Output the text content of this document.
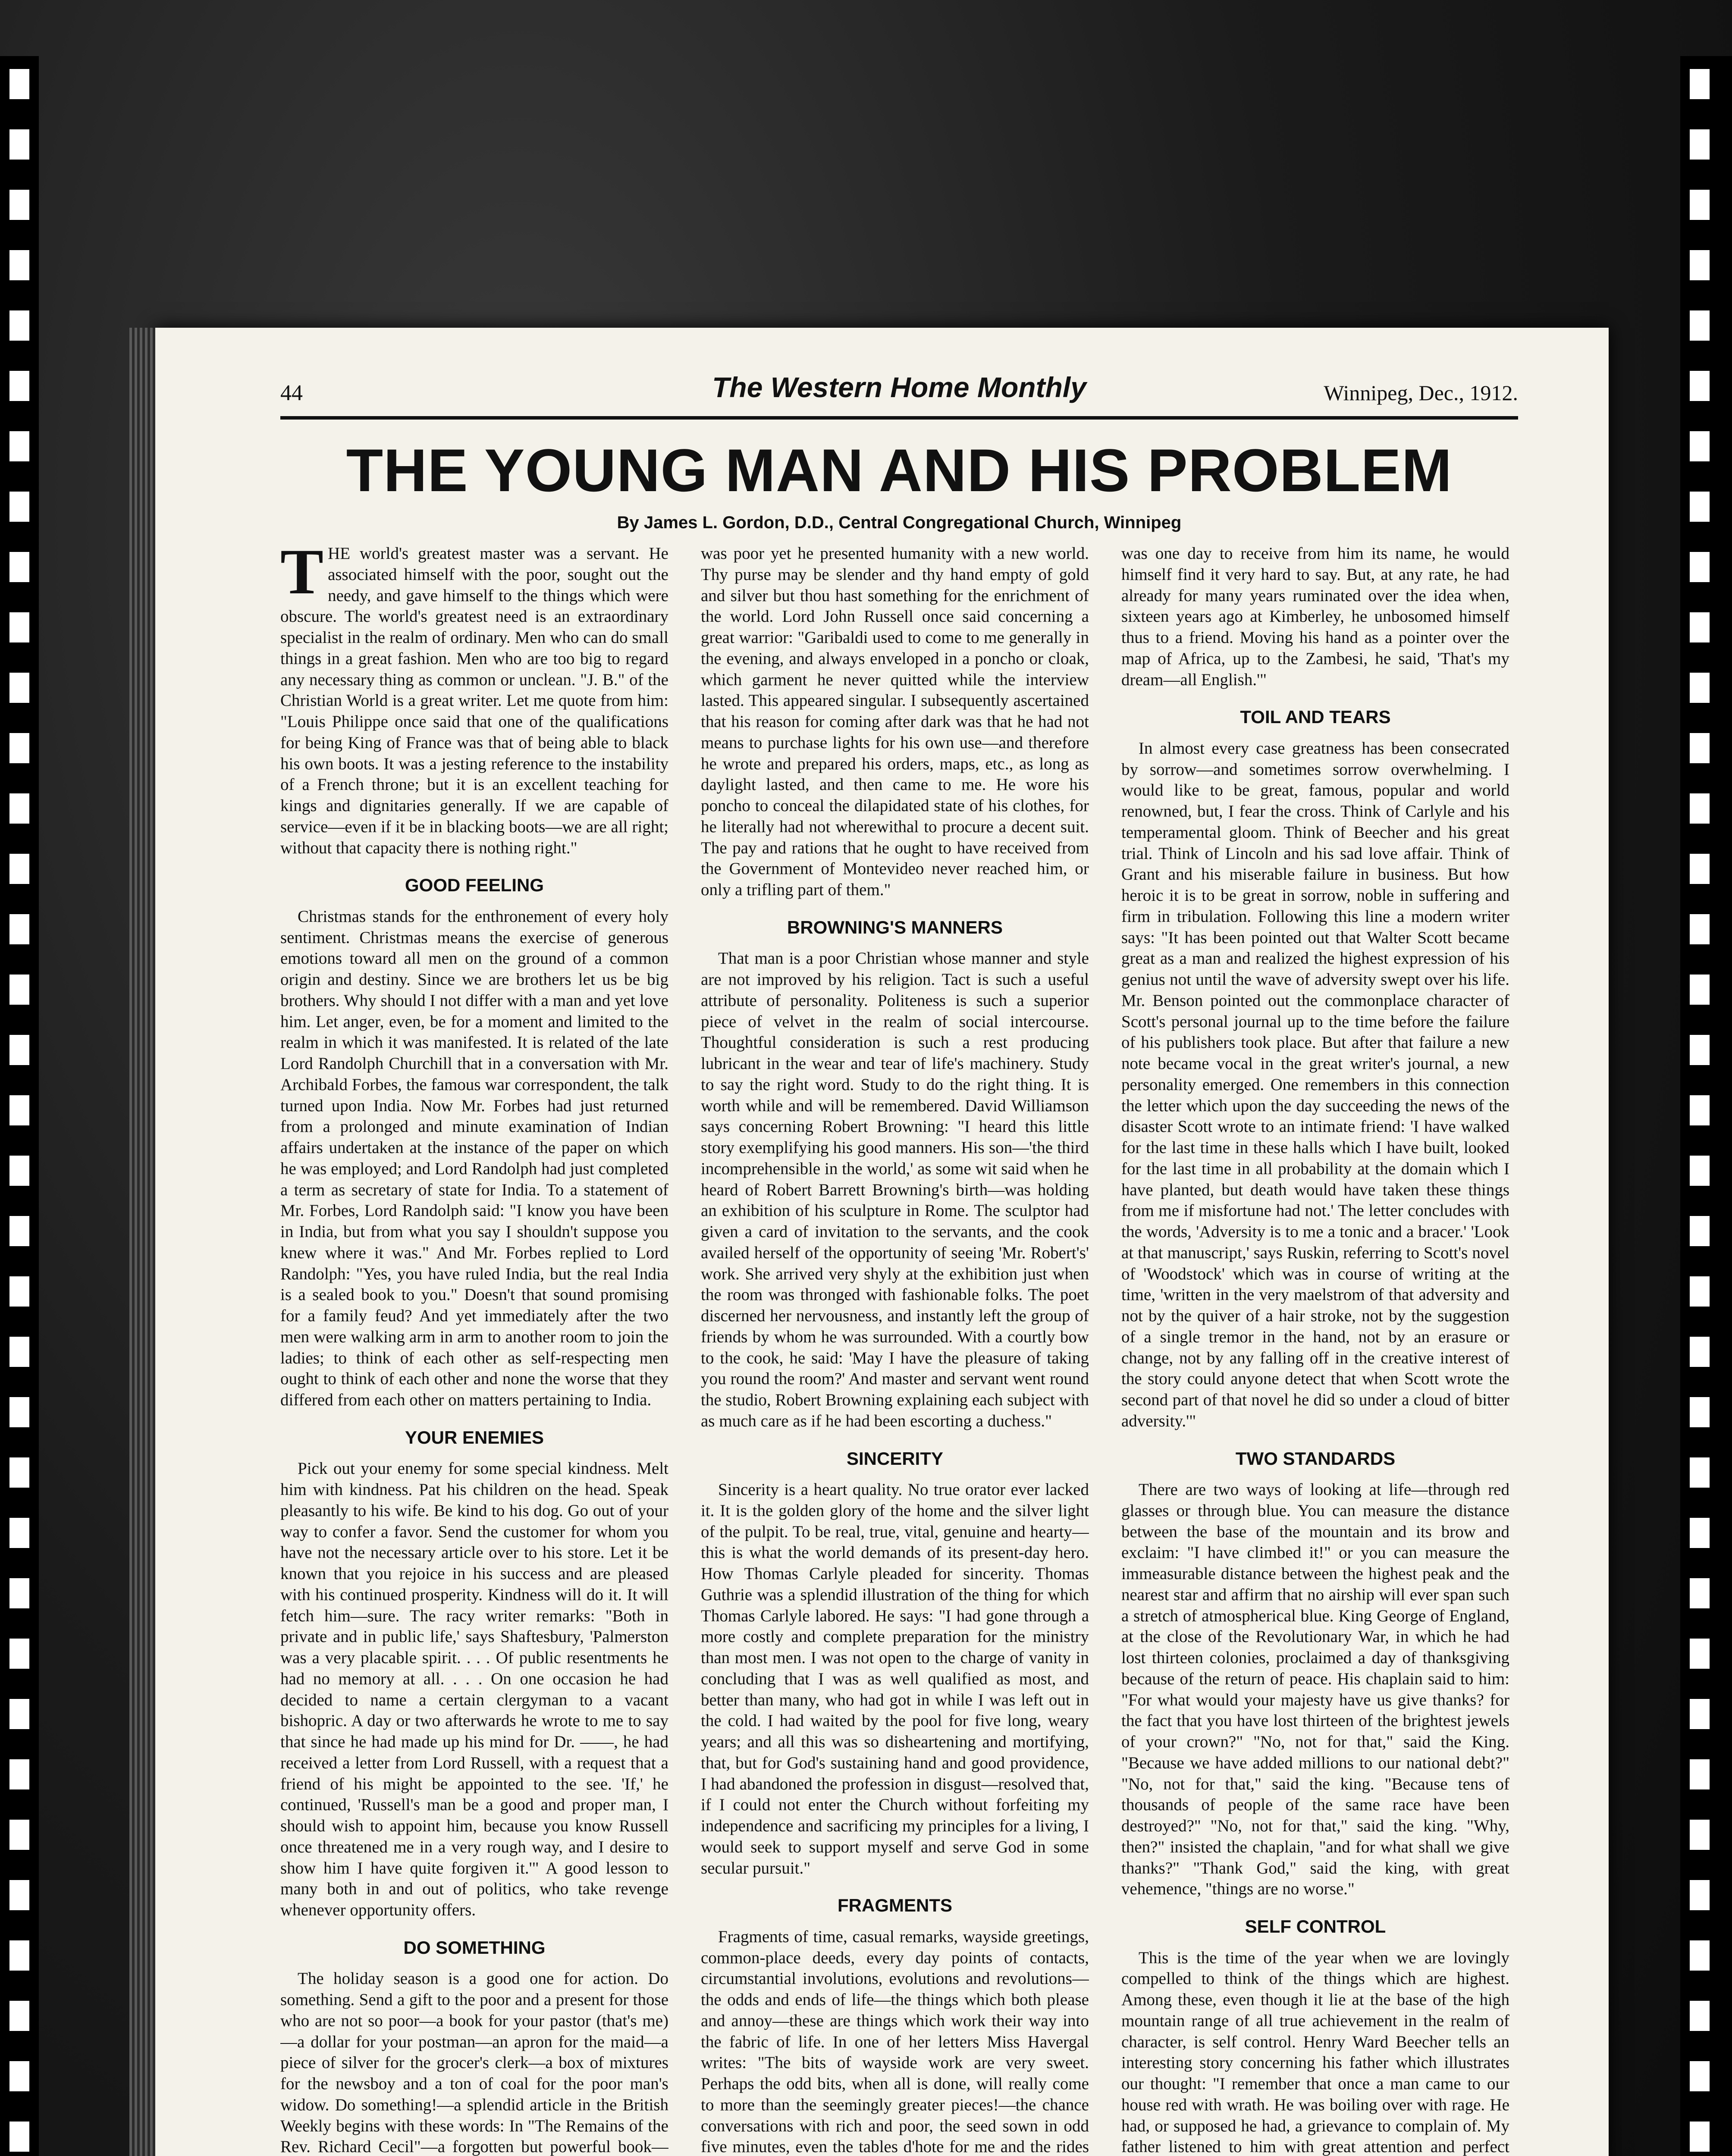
44	The Western Home Monthly	Winnipeg, Dec., 1912.
THE YOUNG MAN AND HIS PROBLEM
By James L. Gordon, D.D., Central Congregational Church, Winnipeg

THE world's greatest master was a servant. He associated himself with the poor, sought out the needy, and gave himself to the things which were obscure. The world's greatest need is an extraordinary specialist in the realm of ordinary. Men who can do small things in a great fashion. Men who are too big to regard any necessary thing as common or unclean. "J. B." of the Christian World is a great writer. Let me quote from him: "Louis Philippe once said that one of the qualifications for being King of France was that of being able to black his own boots. It was a jesting reference to the instability of a French throne; but it is an excellent teaching for kings and dignitaries generally. If we are capable of service—even if it be in blacking boots—we are all right; without that capacity there is nothing right."

GOOD FEELING

Christmas stands for the enthronement of every holy sentiment. Christmas means the exercise of generous emotions toward all men on the ground of a common origin and destiny. Since we are brothers let us be big brothers. Why should I not differ with a man and yet love him. Let anger, even, be for a moment and limited to the realm in which it was manifested. It is related of the late Lord Randolph Churchill that in a conversation with Mr. Archibald Forbes, the famous war correspondent, the talk turned upon India. Now Mr. Forbes had just returned from a prolonged and minute examination of Indian affairs undertaken at the instance of the paper on which he was employed; and Lord Randolph had just completed a term as secretary of state for India. To a statement of Mr. Forbes, Lord Randolph said: "I know you have been in India, but from what you say I shouldn't suppose you knew where it was." And Mr. Forbes replied to Lord Randolph: "Yes, you have ruled India, but the real India is a sealed book to you." Doesn't that sound promising for a family feud? And yet immediately after the two men were walking arm in arm to another room to join the ladies; to think of each other as self-respecting men ought to think of each other and none the worse that they differed from each other on matters pertaining to India.

YOUR ENEMIES

Pick out your enemy for some special kindness. Melt him with kindness. Pat his children on the head. Speak pleasantly to his wife. Be kind to his dog. Go out of your way to confer a favor. Send the customer for whom you have not the necessary article over to his store. Let it be known that you rejoice in his success and are pleased with his continued prosperity. Kindness will do it. It will fetch him—sure. The racy writer remarks: "Both in private and in public life,' says Shaftesbury, 'Palmerston was a very placable spirit. . . . Of public resentments he had no memory at all. . . . On one occasion he had decided to name a certain clergyman to a vacant bishopric. A day or two afterwards he wrote to me to say that since he had made up his mind for Dr. ——, he had received a letter from Lord Russell, with a request that a friend of his might be appointed to the see. 'If,' he continued, 'Russell's man be a good and proper man, I should wish to appoint him, because you know Russell once threatened me in a very rough way, and I desire to show him I have quite forgiven it.'" A good lesson to many both in and out of politics, who take revenge whenever opportunity offers.

DO SOMETHING

The holiday season is a good one for action. Do something. Send a gift to the poor and a present for those who are not so poor—a book for your pastor (that's me)—a dollar for your postman—an apron for the maid—a piece of silver for the grocer's clerk—a box of mixtures for the newsboy and a ton of coal for the poor man's widow. Do something!—a splendid article in the British Weekly begins with these words: In "The Remains of the Rev. Richard Cecil"—a forgotten but powerful book—

was poor yet he presented humanity with a new world. Thy purse may be slender and thy hand empty of gold and silver but thou hast something for the enrichment of the world. Lord John Russell once said concerning a great warrior: "Garibaldi used to come to me generally in the evening, and always enveloped in a poncho or cloak, which garment he never quitted while the interview lasted. This appeared singular. I subsequently ascertained that his reason for coming after dark was that he had not means to purchase lights for his own use—and therefore he wrote and prepared his orders, maps, etc., as long as daylight lasted, and then came to me. He wore his poncho to conceal the dilapidated state of his clothes, for he literally had not wherewithal to procure a decent suit. The pay and rations that he ought to have received from the Government of Montevideo never reached him, or only a trifling part of them."

BROWNING'S MANNERS

That man is a poor Christian whose manner and style are not improved by his religion. Tact is such a useful attribute of personality. Politeness is such a superior piece of velvet in the realm of social intercourse. Thoughtful consideration is such a rest producing lubricant in the wear and tear of life's machinery. Study to say the right word. Study to do the right thing. It is worth while and will be remembered. David Williamson says concerning Robert Browning: "I heard this little story exemplifying his good manners. His son—'the third incomprehensible in the world,' as some wit said when he heard of Robert Barrett Browning's birth—was holding an exhibition of his sculpture in Rome. The sculptor had given a card of invitation to the servants, and the cook availed herself of the opportunity of seeing 'Mr. Robert's' work. She arrived very shyly at the exhibition just when the room was thronged with fashionable folks. The poet discerned her nervousness, and instantly left the group of friends by whom he was surrounded. With a courtly bow to the cook, he said: 'May I have the pleasure of taking you round the room?' And master and servant went round the studio, Robert Browning explaining each subject with as much care as if he had been escorting a duchess."

SINCERITY

Sincerity is a heart quality. No true orator ever lacked it. It is the golden glory of the home and the silver light of the pulpit. To be real, true, vital, genuine and hearty—this is what the world demands of its present-day hero. How Thomas Carlyle pleaded for sincerity. Thomas Guthrie was a splendid illustration of the thing for which Thomas Carlyle labored. He says: "I had gone through a more costly and complete preparation for the ministry than most men. I was not open to the charge of vanity in concluding that I was as well qualified as most, and better than many, who had got in while I was left out in the cold. I had waited by the pool for five long, weary years; and all this was so disheartening and mortifying, that, but for God's sustaining hand and good providence, I had abandoned the profession in disgust—resolved that, if I could not enter the Church without forfeiting my independence and sacrificing my principles for a living, I would seek to support myself and serve God in some secular pursuit."

FRAGMENTS

Fragments of time, casual remarks, wayside greetings, common-place deeds, every day points of contacts, circumstantial involutions, evolutions and revolutions—the odds and ends of life—the things which both please and annoy—these are things which work their way into the fabric of life. In one of her letters Miss Havergal writes: "The bits of wayside work are very sweet. Perhaps the odd bits, when all is done, will really come to more than the seemingly greater pieces!—the chance conversations with rich and poor, the seed sown in odd five minutes, even the tables d'hote for me and the rides

was one day to receive from him its name, he would himself find it very hard to say. But, at any rate, he had already for many years ruminated over the idea when, sixteen years ago at Kimberley, he unbosomed himself thus to a friend. Moving his hand as a pointer over the map of Africa, up to the Zambesi, he said, 'That's my dream—all English.'"

TOIL AND TEARS

In almost every case greatness has been consecrated by sorrow—and sometimes sorrow overwhelming. I would like to be great, famous, popular and world renowned, but, I fear the cross. Think of Carlyle and his temperamental gloom. Think of Beecher and his great trial. Think of Lincoln and his sad love affair. Think of Grant and his miserable failure in business. But how heroic it is to be great in sorrow, noble in suffering and firm in tribulation. Following this line a modern writer says: "It has been pointed out that Walter Scott became great as a man and realized the highest expression of his genius not until the wave of adversity swept over his life. Mr. Benson pointed out the commonplace character of Scott's personal journal up to the time before the failure of his publishers took place. But after that failure a new note became vocal in the great writer's journal, a new personality emerged. One remembers in this connection the letter which upon the day succeeding the news of the disaster Scott wrote to an intimate friend: 'I have walked for the last time in these halls which I have built, looked for the last time in all probability at the domain which I have planted, but death would have taken these things from me if misfortune had not.' The letter concludes with the words, 'Adversity is to me a tonic and a bracer.' 'Look at that manuscript,' says Ruskin, referring to Scott's novel of 'Woodstock' which was in course of writing at the time, 'written in the very maelstrom of that adversity and not by the quiver of a hair stroke, not by the suggestion of a single tremor in the hand, not by an erasure or change, not by any falling off in the creative interest of the story could anyone detect that when Scott wrote the second part of that novel he did so under a cloud of bitter adversity.'"

TWO STANDARDS

There are two ways of looking at life—through red glasses or through blue. You can measure the distance between the base of the mountain and its brow and exclaim: "I have climbed it!" or you can measure the immeasurable distance between the highest peak and the nearest star and affirm that no airship will ever span such a stretch of atmospherical blue. King George of England, at the close of the Revolutionary War, in which he had lost thirteen colonies, proclaimed a day of thanksgiving because of the return of peace. His chaplain said to him: "For what would your majesty have us give thanks? for the fact that you have lost thirteen of the brightest jewels of your crown?" "No, not for that," said the King. "Because we have added millions to our national debt?" "No, not for that," said the king. "Because tens of thousands of people of the same race have been destroyed?" "No, not for that," said the king. "Why, then?" insisted the chaplain, "and for what shall we give thanks?" "Thank God," said the king, with great vehemence, "things are no worse."

SELF CONTROL

This is the time of the year when we are lovingly compelled to think of the things which are highest. Among these, even though it lie at the base of the high mountain range of all true achievement in the realm of character, is self control. Henry Ward Beecher tells an interesting story concerning his father which illustrates our thought: "I remember that once a man came to our house red with wrath. He was boiling over with rage. He had, or supposed he had, a grievance to complain of. My father listened to him with great attention and perfect
